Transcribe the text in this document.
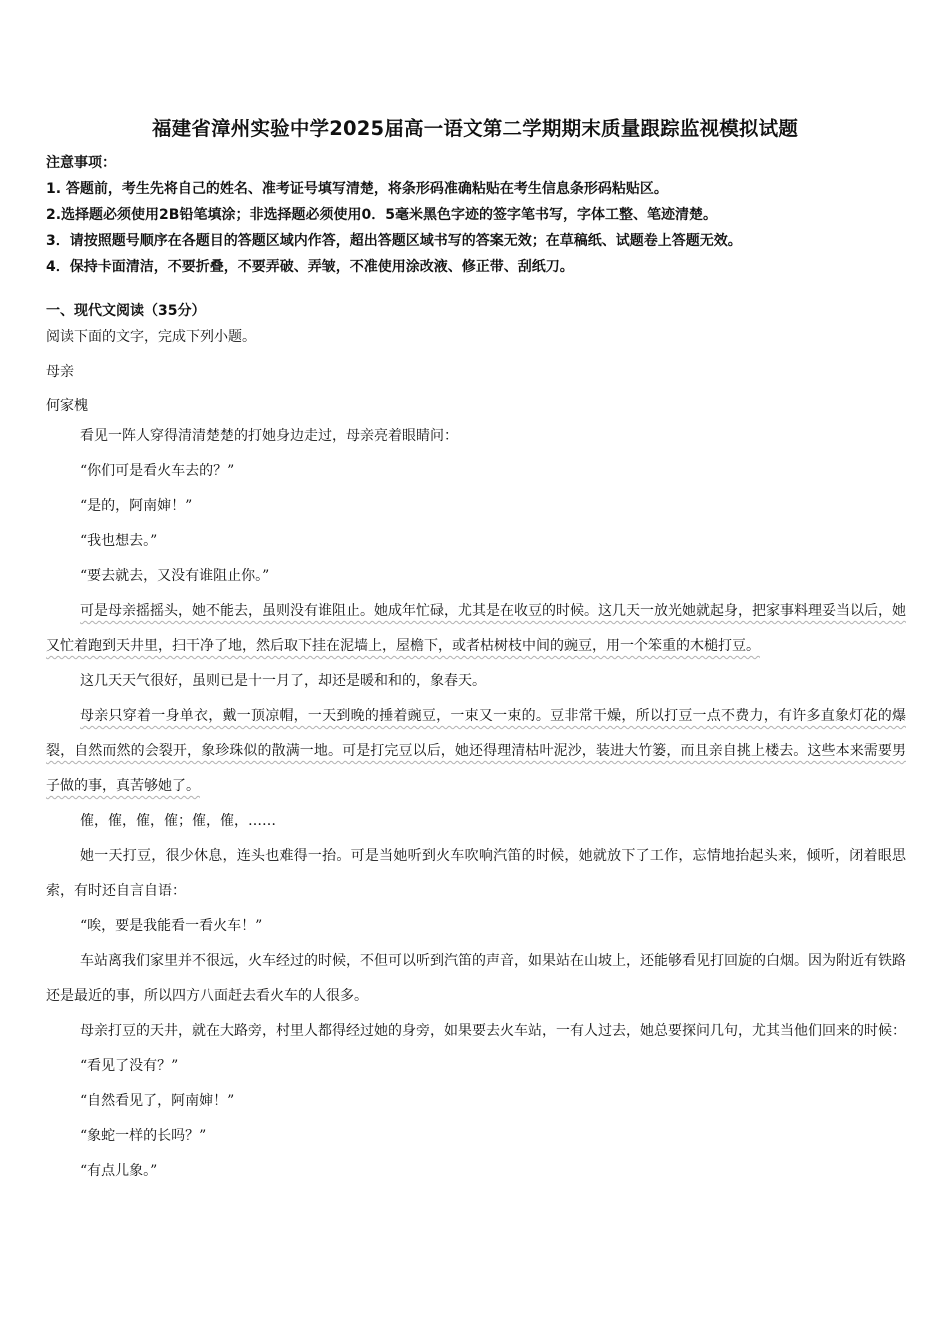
福建省漳州实验中学2025届高一语文第二学期期末质量跟踪监视模拟试题
注意事项：
1. 答题前，考生先将自己的姓名、准考证号填写清楚，将条形码准确粘贴在考生信息条形码粘贴区。
2.选择题必须使用2B铅笔填涂；非选择题必须使用0．5毫米黑色字迹的签字笔书写，字体工整、笔迹清楚。
3．请按照题号顺序在各题目的答题区域内作答，超出答题区域书写的答案无效；在草稿纸、试题卷上答题无效。
4．保持卡面清洁，不要折叠，不要弄破、弄皱，不准使用涂改液、修正带、刮纸刀。
一、现代文阅读（35分）
阅读下面的文字，完成下列小题。
母亲
何家槐

看见一阵人穿得清清楚楚的打她身边走过，母亲亮着眼睛问：

“你们可是看火车去的？”

“是的，阿南婶！”

“我也想去。”

“要去就去，又没有谁阻止你。”

可是母亲摇摇头，她不能去，虽则没有谁阻止。她成年忙碌，尤其是在收豆的时候。这几天一放光她就起身，把家事料理妥当以后，她又忙着跑到天井里，扫干净了地，然后取下挂在泥墙上，屋檐下，或者枯树枝中间的豌豆，用一个笨重的木槌打豆。

这几天天气很好，虽则已是十一月了，却还是暖和和的，象春天。

母亲只穿着一身单衣，戴一顶凉帽，一天到晚的捶着豌豆，一束又一束的。豆非常干燥，所以打豆一点不费力，有许多直象灯花的爆裂，自然而然的会裂开，象珍珠似的散满一地。可是打完豆以后，她还得理清枯叶泥沙，装进大竹篓，而且亲自挑上楼去。这些本来需要男子做的事，真苦够她了。

傕，傕，傕，傕；傕，傕，……

她一天打豆，很少休息，连头也难得一抬。可是当她听到火车吹响汽笛的时候，她就放下了工作，忘情地抬起头来，倾听，闭着眼思索，有时还自言自语：

“唉，要是我能看一看火车！”

车站离我们家里并不很远，火车经过的时候，不但可以听到汽笛的声音，如果站在山坡上，还能够看见打回旋的白烟。因为附近有铁路还是最近的事，所以四方八面赶去看火车的人很多。

母亲打豆的天井，就在大路旁，村里人都得经过她的身旁，如果要去火车站，一有人过去，她总要探问几句，尤其当他们回来的时候：

“看见了没有？”

“自然看见了，阿南婶！”

“象蛇一样的长吗？”

“有点儿象。”
